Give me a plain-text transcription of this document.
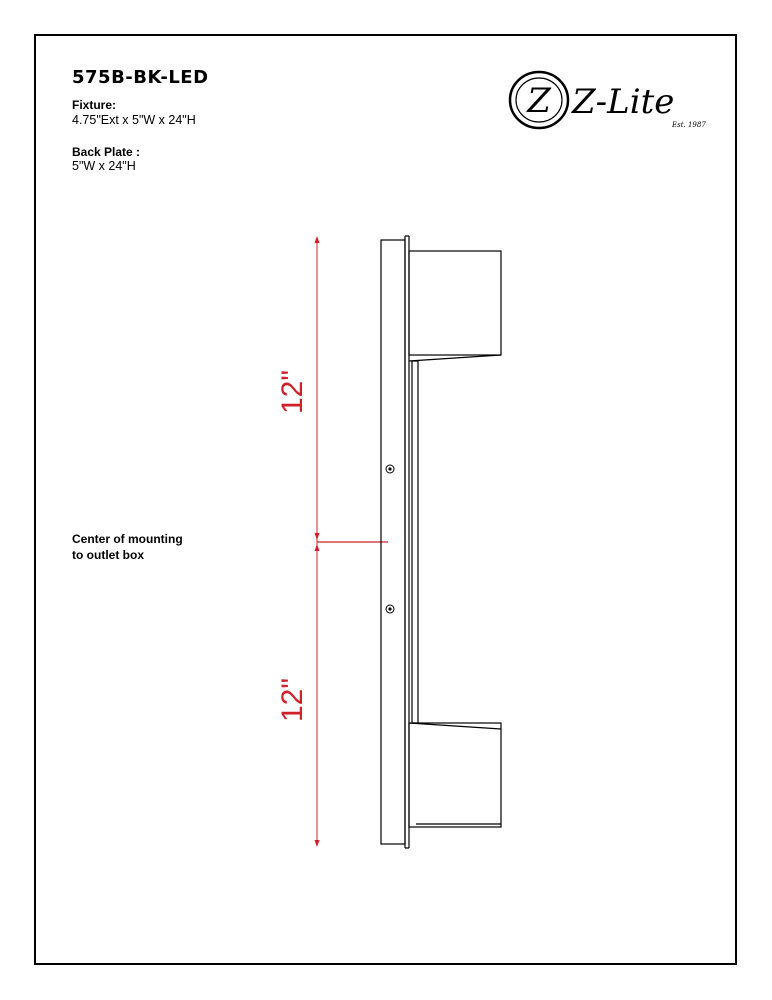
575B-BK-LED
Fixture:
4.75"Ext x 5"W x 24"H
Back Plate :
5"W x 24"H
Center of mounting
to outlet box
Z Z-Lite
Est. 1987
12"
12"
